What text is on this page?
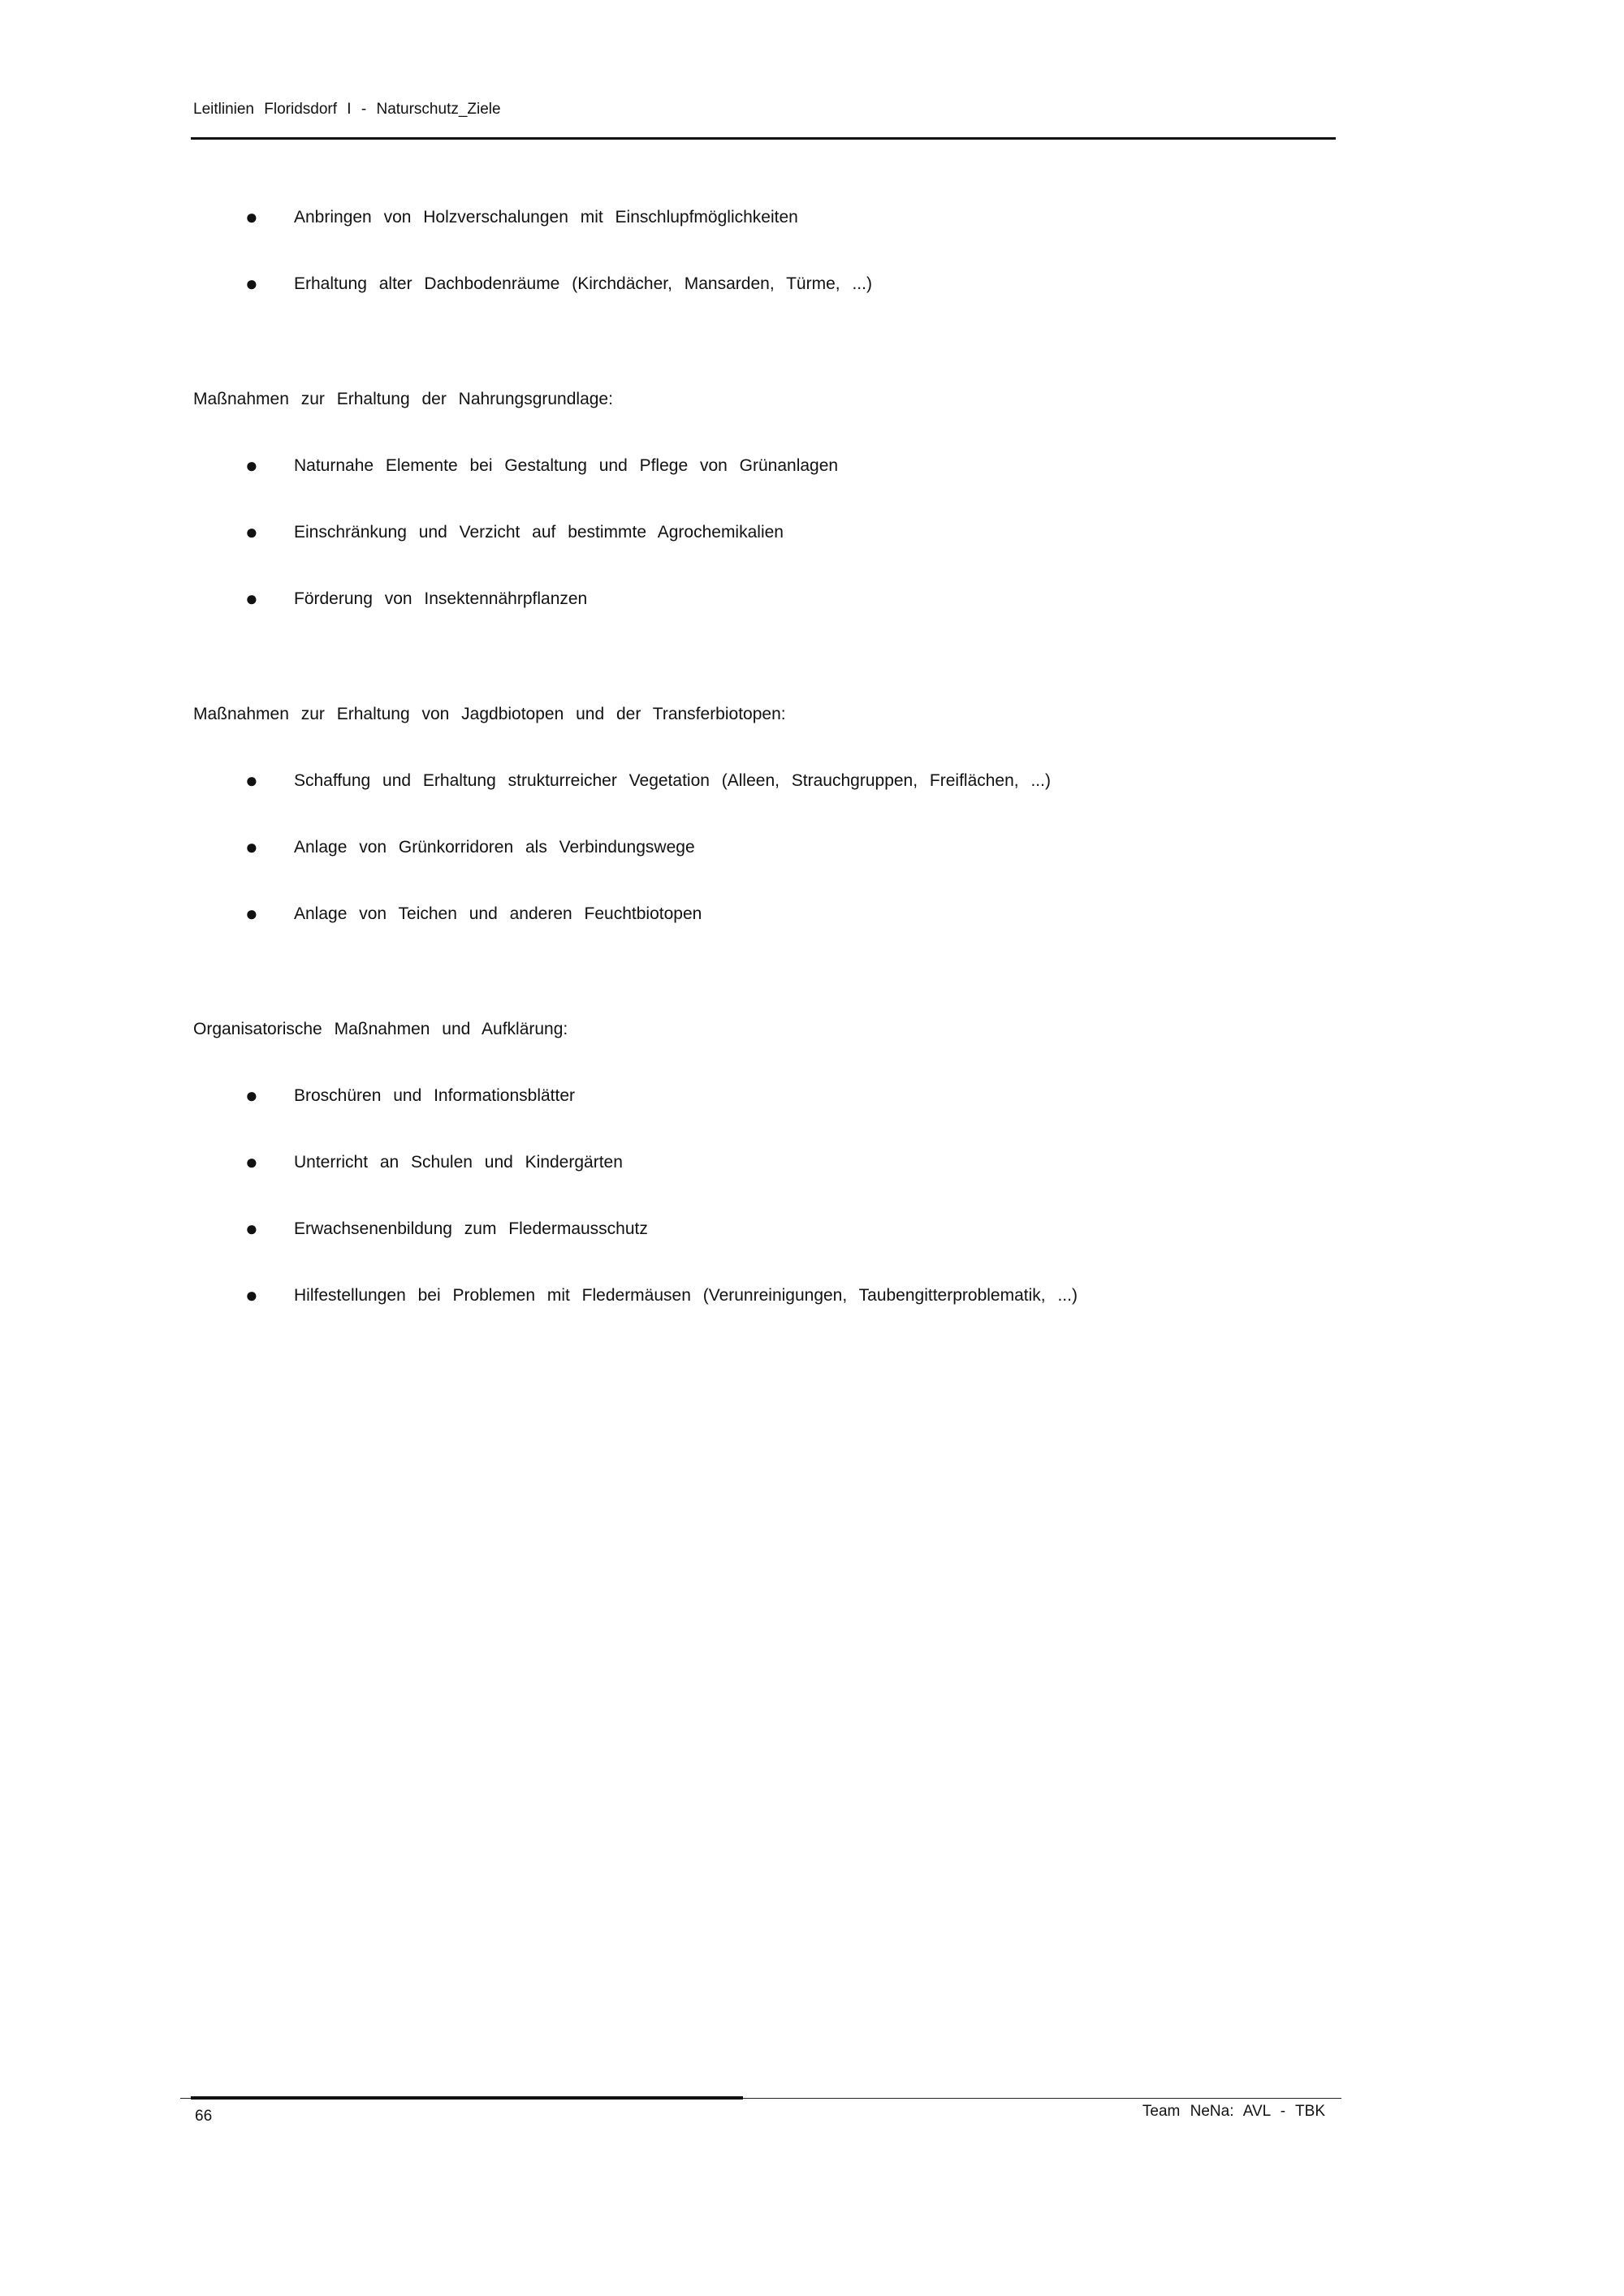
Leitlinien Floridsdorf I - Naturschutz_Ziele
● Anbringen von Holzverschalungen mit Einschlupfmöglichkeiten
● Erhaltung alter Dachbodenräume (Kirchdächer, Mansarden, Türme, ...)
Maßnahmen zur Erhaltung der Nahrungsgrundlage:
● Naturnahe Elemente bei Gestaltung und Pflege von Grünanlagen
● Einschränkung und Verzicht auf bestimmte Agrochemikalien
● Förderung von Insektennährpflanzen
Maßnahmen zur Erhaltung von Jagdbiotopen und der Transferbiotopen:
● Schaffung und Erhaltung strukturreicher Vegetation (Alleen, Strauchgruppen, Freiflächen, ...)
● Anlage von Grünkorridoren als Verbindungswege
● Anlage von Teichen und anderen Feuchtbiotopen
Organisatorische Maßnahmen und Aufklärung:
● Broschüren und Informationsblätter
● Unterricht an Schulen und Kindergärten
● Erwachsenenbildung zum Fledermausschutz
● Hilfestellungen bei Problemen mit Fledermäusen (Verunreinigungen, Taubengitterproblematik, ...)
66	Team NeNa: AVL - TBK
